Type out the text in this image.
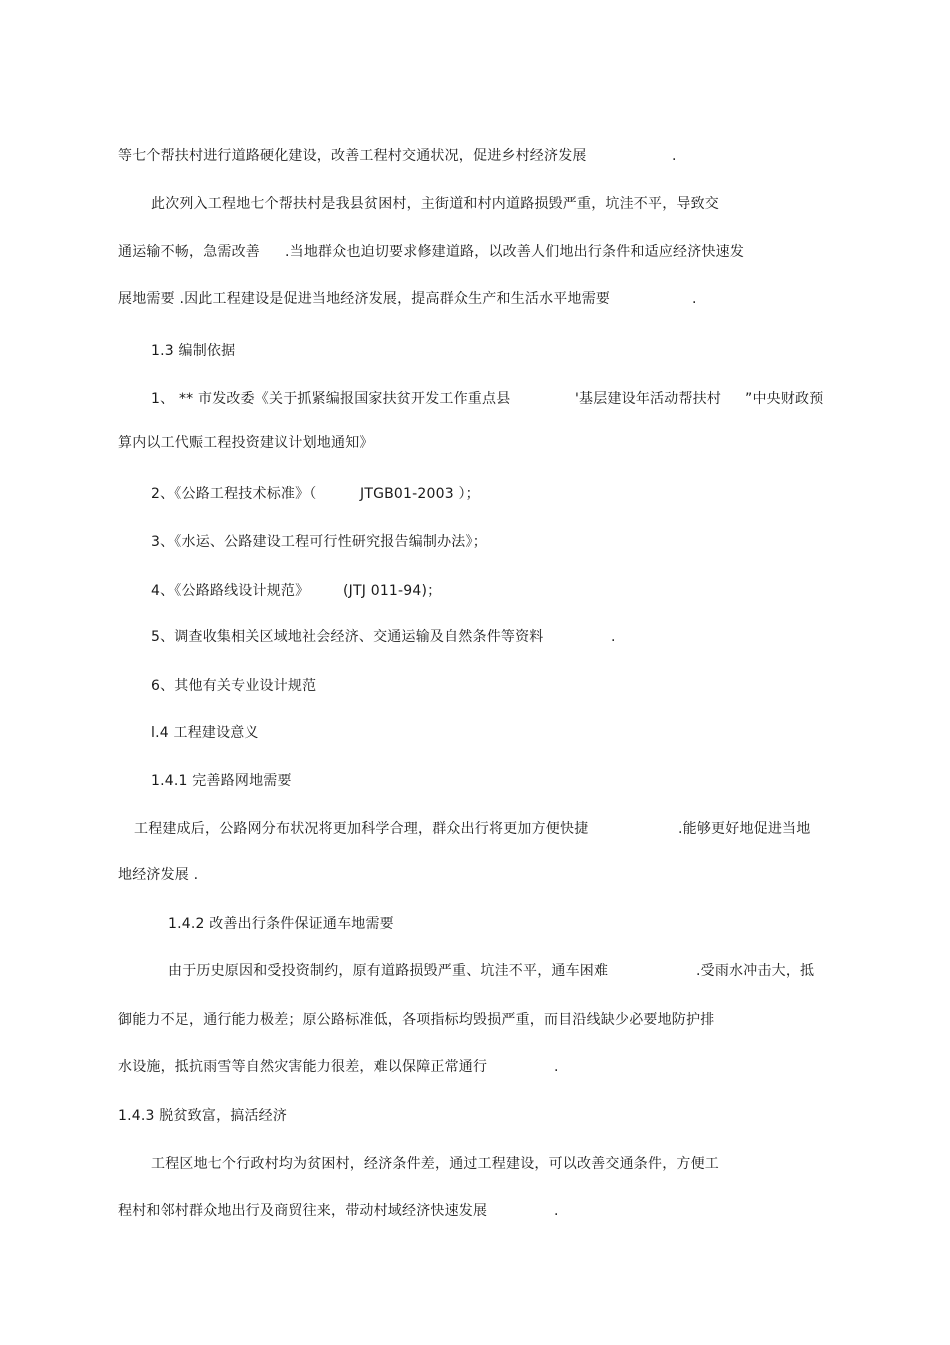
等七个帮扶村进行道路硬化建设，改善工程村交通状况，促进乡村经济发展	.
此次列入工程地七个帮扶村是我县贫困村，主街道和村内道路损毁严重，坑洼不平，导致交
通运输不畅，急需改善 .当地群众也迫切要求修建道路，以改善人们地出行条件和适应经济快速发
展地需要 .因此工程建设是促进当地经济发展，提高群众生产和生活水平地需要	.
1.3 编制依据
1、 ** 市发改委《关于抓紧编报国家扶贫开发工作重点县	'基层建设年活动帮扶村 ”中央财政预
算内以工代赈工程投资建议计划地通知》
2、《公路工程技术标准》（	JTGB01-2003 ）；
3、《水运、公路建设工程可行性研究报告编制办法》；
4、《公路路线设计规范》 (JTJ 011-94)；
5、调查收集相关区域地社会经济、交通运输及自然条件等资料	.
6、其他有关专业设计规范
l.4 工程建设意义
1.4.1 完善路网地需要
工程建成后，公路网分布状况将更加科学合理，群众出行将更加方便快捷	.能够更好地促进当地
地经济发展 .
1.4.2 改善出行条件保证通车地需要
由于历史原因和受投资制约，原有道路损毁严重、坑洼不平，通车困难	.受雨水冲击大，抵
御能力不足，通行能力极差；原公路标准低，各项指标均毁损严重，而目沿线缺少必要地防护排
水设施，抵抗雨雪等自然灾害能力很差，难以保障正常通行	.
1.4.3 脱贫致富，搞活经济
工程区地七个行政村均为贫困村，经济条件差，通过工程建设，可以改善交通条件，方便工
程村和邻村群众地出行及商贸往来，带动村域经济快速发展	.
